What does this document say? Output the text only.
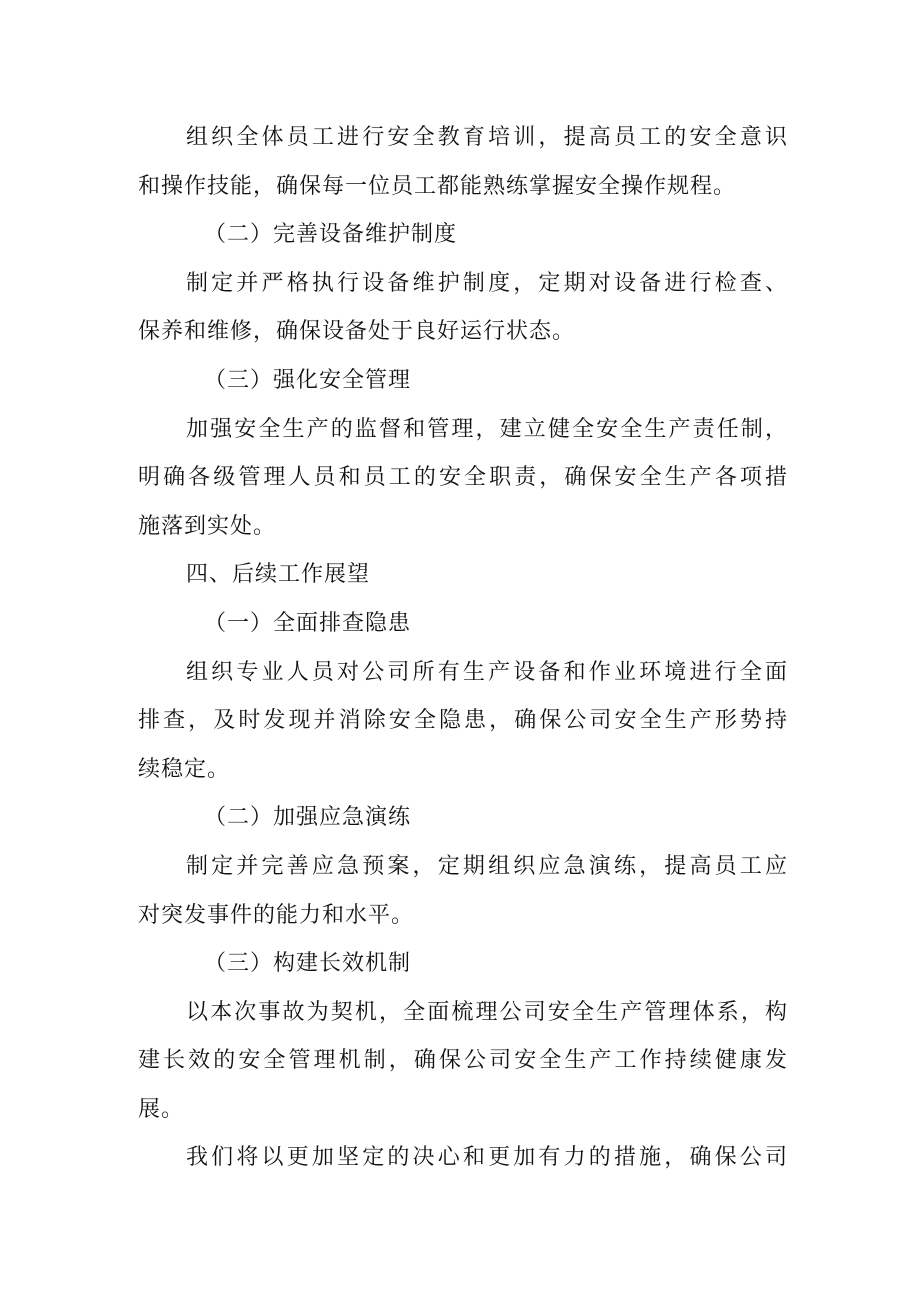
组织全体员工进行安全教育培训，提高员工的安全意识
和操作技能，确保每一位员工都能熟练掌握安全操作规程。
（二）完善设备维护制度
制定并严格执行设备维护制度，定期对设备进行检查、
保养和维修，确保设备处于良好运行状态。
（三）强化安全管理
加强安全生产的监督和管理，建立健全安全生产责任制，
明确各级管理人员和员工的安全职责，确保安全生产各项措
施落到实处。
四、后续工作展望
（一）全面排查隐患
组织专业人员对公司所有生产设备和作业环境进行全面
排查，及时发现并消除安全隐患，确保公司安全生产形势持
续稳定。
（二）加强应急演练
制定并完善应急预案，定期组织应急演练，提高员工应
对突发事件的能力和水平。
（三）构建长效机制
以本次事故为契机，全面梳理公司安全生产管理体系，构
建长效的安全管理机制，确保公司安全生产工作持续健康发
展。
我们将以更加坚定的决心和更加有力的措施，确保公司
